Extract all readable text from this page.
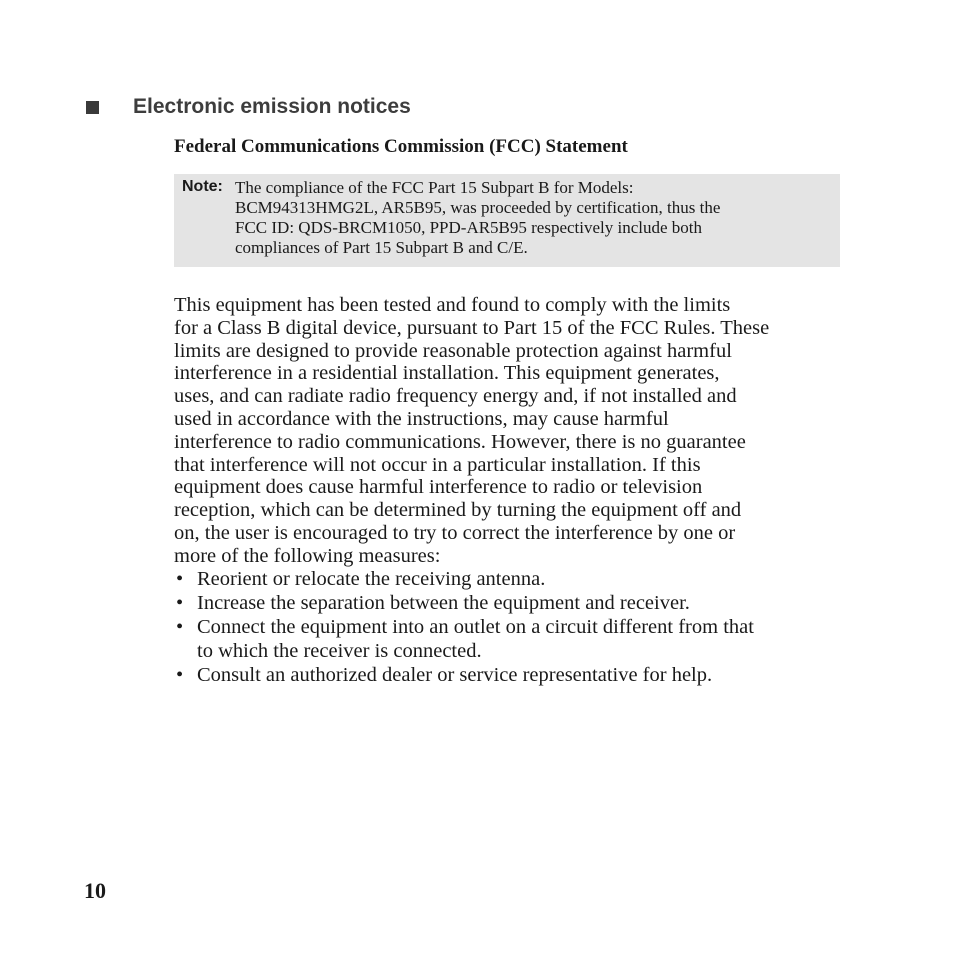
Electronic emission notices
Federal Communications Commission (FCC) Statement
Note: The compliance of the FCC Part 15 Subpart B for Models:
BCM94313HMG2L, AR5B95, was proceeded by certification, thus the
FCC ID: QDS-BRCM1050, PPD-AR5B95 respectively include both
compliances of Part 15 Subpart B and C/E.
This equipment has been tested and found to comply with the limits
for a Class B digital device, pursuant to Part 15 of the FCC Rules. These
limits are designed to provide reasonable protection against harmful
interference in a residential installation. This equipment generates,
uses, and can radiate radio frequency energy and, if not installed and
used in accordance with the instructions, may cause harmful
interference to radio communications. However, there is no guarantee
that interference will not occur in a particular installation. If this
equipment does cause harmful interference to radio or television
reception, which can be determined by turning the equipment off and
on, the user is encouraged to try to correct the interference by one or
more of the following measures:
• Reorient or relocate the receiving antenna.
• Increase the separation between the equipment and receiver.
• Connect the equipment into an outlet on a circuit different from that
to which the receiver is connected.
• Consult an authorized dealer or service representative for help.
10
